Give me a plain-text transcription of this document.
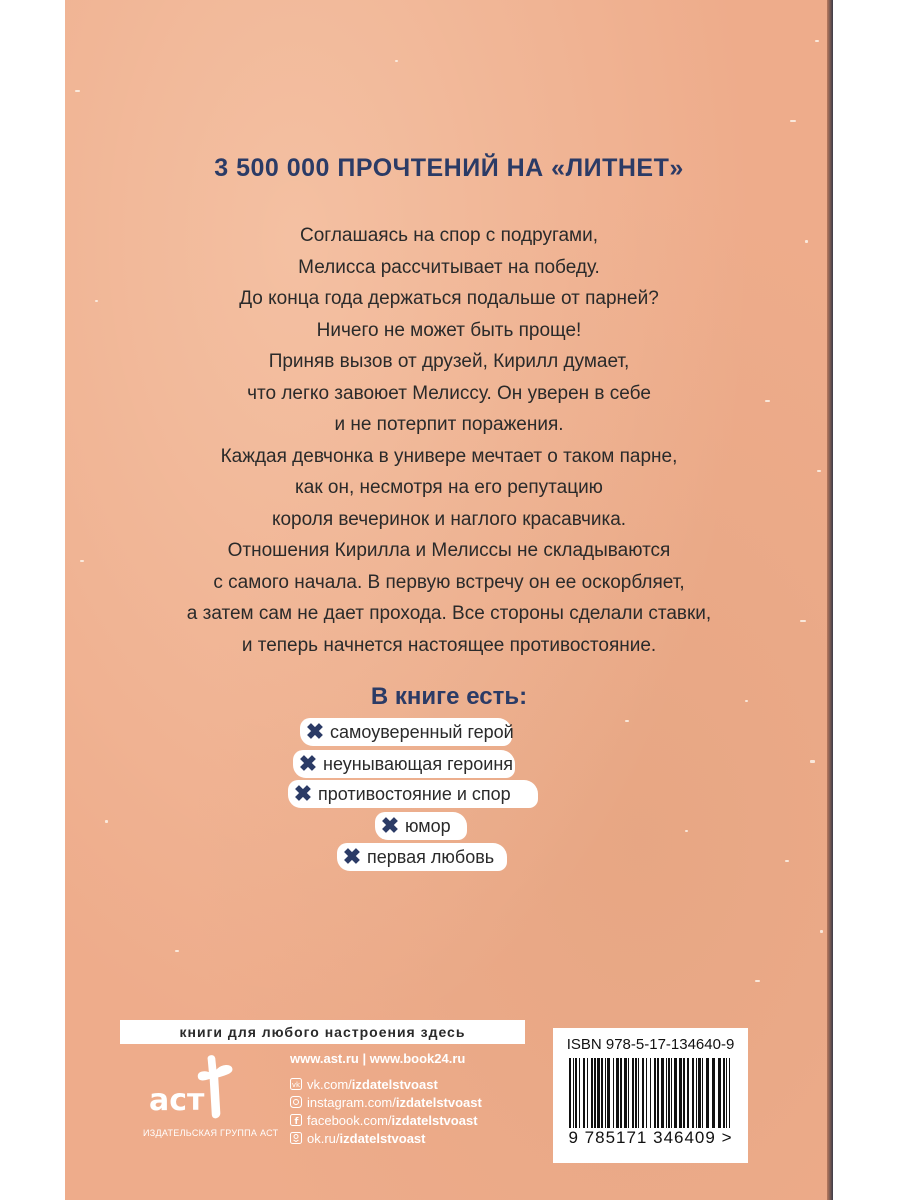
3 500 000 ПРОЧТЕНИЙ НА «ЛИТНЕТ»
Соглашаясь на спор с подругами,
Мелисса рассчитывает на победу.
До конца года держаться подальше от парней?
Ничего не может быть проще!
Приняв вызов от друзей, Кирилл думает,
что легко завоюет Мелиссу. Он уверен в себе
и не потерпит поражения.
Каждая девчонка в универе мечтает о таком парне,
как он, несмотря на его репутацию
короля вечеринок и наглого красавчика.
Отношения Кирилла и Мелиссы не складываются
с самого начала. В первую встречу он ее оскорбляет,
а затем сам не дает прохода. Все стороны сделали ставки,
и теперь начнется настоящее противостояние.
В книге есть:
✖ самоуверенный герой
✖ неунывающая героиня
✖ противостояние и спор
✖ юмор
✖ первая любовь
книги для любого настроения здесь
аст
ИЗДАТЕЛЬСКАЯ ГРУППА АСТ
www.ast.ru | www.book24.ru
vk vk.com/izdatelstvoast
instagram.com/izdatelstvoast
f facebook.com/izdatelstvoast
ok.ru/izdatelstvoast
ISBN 978-5-17-134640-9
9 785171 346409 >
